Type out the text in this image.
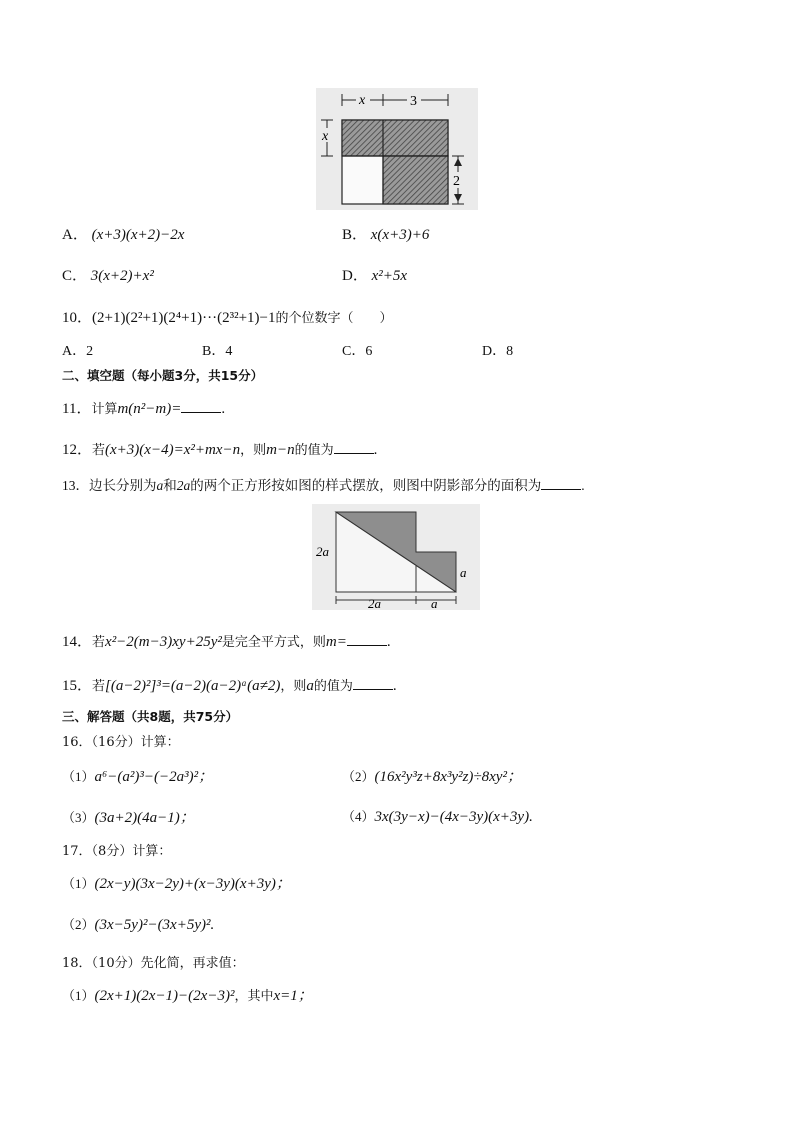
x	3
x
2
A． (x+3)(x+2)−2x	B． x(x+3)+6
C． 3(x+2)+x²	D． x²+5x
10．(2+1)(2²+1)(2⁴+1)···(2³²+1)−1的个位数字（　　）
A．2	B．4	C．6	D．8
二、填空题（每小题3分，共15分）
11．计算m(n²−m)=	.
12．若(x+3)(x−4)=x²+mx−n，则m−n的值为	.
13．边长分别为a和2a的两个正方形按如图的样式摆放，则图中阴影部分的面积为	.
2a
2a	a
a
14．若x²−2(m−3)xy+25y²是完全平方式，则m=	.
15．若[(a−2)²]³=(a−2)(a−2)ᵃ(a≠2)，则a的值为	.
三、解答题（共8题，共75分）
16．（16分）计算：
（1）a⁶−(a²)³−(−2a³)²；	（2）(16x²y³z+8x³y²z)÷8xy²；
（3）(3a+2)(4a−1)；	（4）3x(3y−x)−(4x−3y)(x+3y).
17．（8分）计算：
（1）(2x−y)(3x−2y)+(x−3y)(x+3y)；
（2）(3x−5y)²−(3x+5y)².
18．（10分）先化简，再求值：
（1）(2x+1)(2x−1)−(2x−3)²，其中x=1；
